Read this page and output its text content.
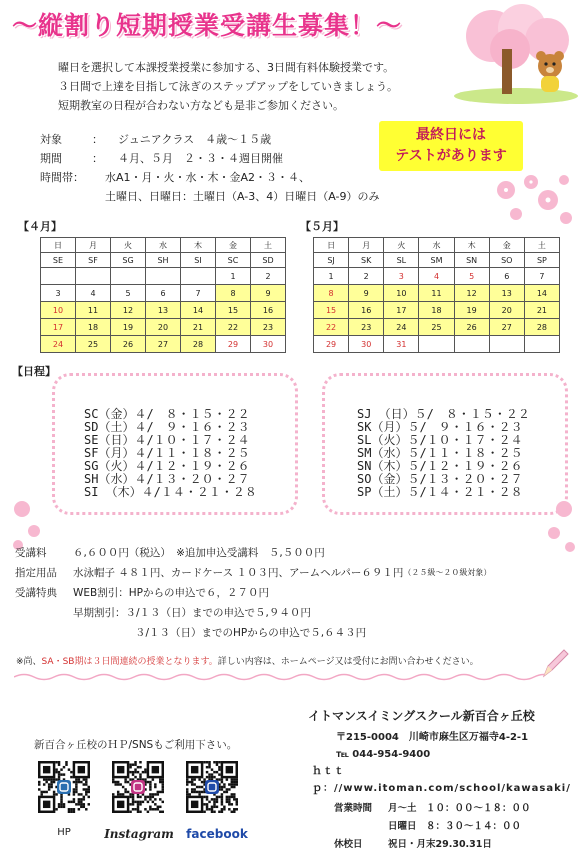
〜縦割り短期授業受講生募集！〜
曜日を選択して本課授業授業に参加する、3日間有料体験授業です。
３日間で上達を目指して泳ぎのステップアップをしていきましょう。
短期教室の日程が合わない方なども是非ご参加ください。
対象	：	ジュニアクラス　４歳〜１５歳
期間	：	４月、５月　２・３・４週目開催
時間帯：	水A1・月・火・水・木・金A2・３・４、
土曜日、日曜日：土曜日（A-3、4）日曜日（A-9）のみ
最終日には
テストがあります
【４月】
日	月	火	水	木	金	土
SE	SF	SG	SH	SI	SC	SD
					1	2
3	4	5	6	7	8	9
10	11	12	13	14	15	16
17	18	19	20	21	22	23
24	25	26	27	28	29	30
【５月】
日	月	火	水	木	金	土
SJ	SK	SL	SM	SN	SO	SP
1	2	3	4	5	6	7
8	9	10	11	12	13	14
15	16	17	18	19	20	21
22	23	24	25	26	27	28
29	30	31				
【日程】
SC（金）４/　８・１５・２２
SD（土）４/　９・１６・２３
SE（日）４/１０・１７・２４
SF（月）４/１１・１８・２５
SG（火）４/１２・１９・２６
SH（水）４/１３・２０・２７
SI （木）４/１４・２１・２８
SJ （日）５/　８・１５・２２
SK（月）５/　９・１６・２３
SL（火）５/１０・１７・２４
SM（水）５/１１・１８・２５
SN（木）５/１２・１９・２６
SO（金）５/１３・２０・２７
SP（土）５/１４・２１・２８
受講料	６,６００円（税込）　※追加申込受講料　５,５００円
指定用品	水泳帽子 ４８１円、カードケース １０３円、アームヘルパー６９１円 （２５級〜２０級対象）
受講特典	WEB割引：HPからの申込で６，２７０円
早期割引：３/１３（日）までの申込で５,９４０円
３/１３（日）までのHPからの申込で５,６４３円
※尚、SA・SB期は３日間連続の授業となります。詳しい内容は、ホームページ又は受付にお問い合わせください。
新百合ヶ丘校のＨＰ/SNSもご利用下さい。
HP	Instagram	facebook
イトマンスイミングスクール新百合ヶ丘校
〒215-0004　川崎市麻生区万福寺4-2-1
℡ 044-954-9400
ｈｔｔｐ：//www.itoman.com/school/kawasaki/
営業時間	月〜土　１０：００〜１８：００
日曜日　８：３０〜１４：００
休校日	祝日・月末29.30.31日
